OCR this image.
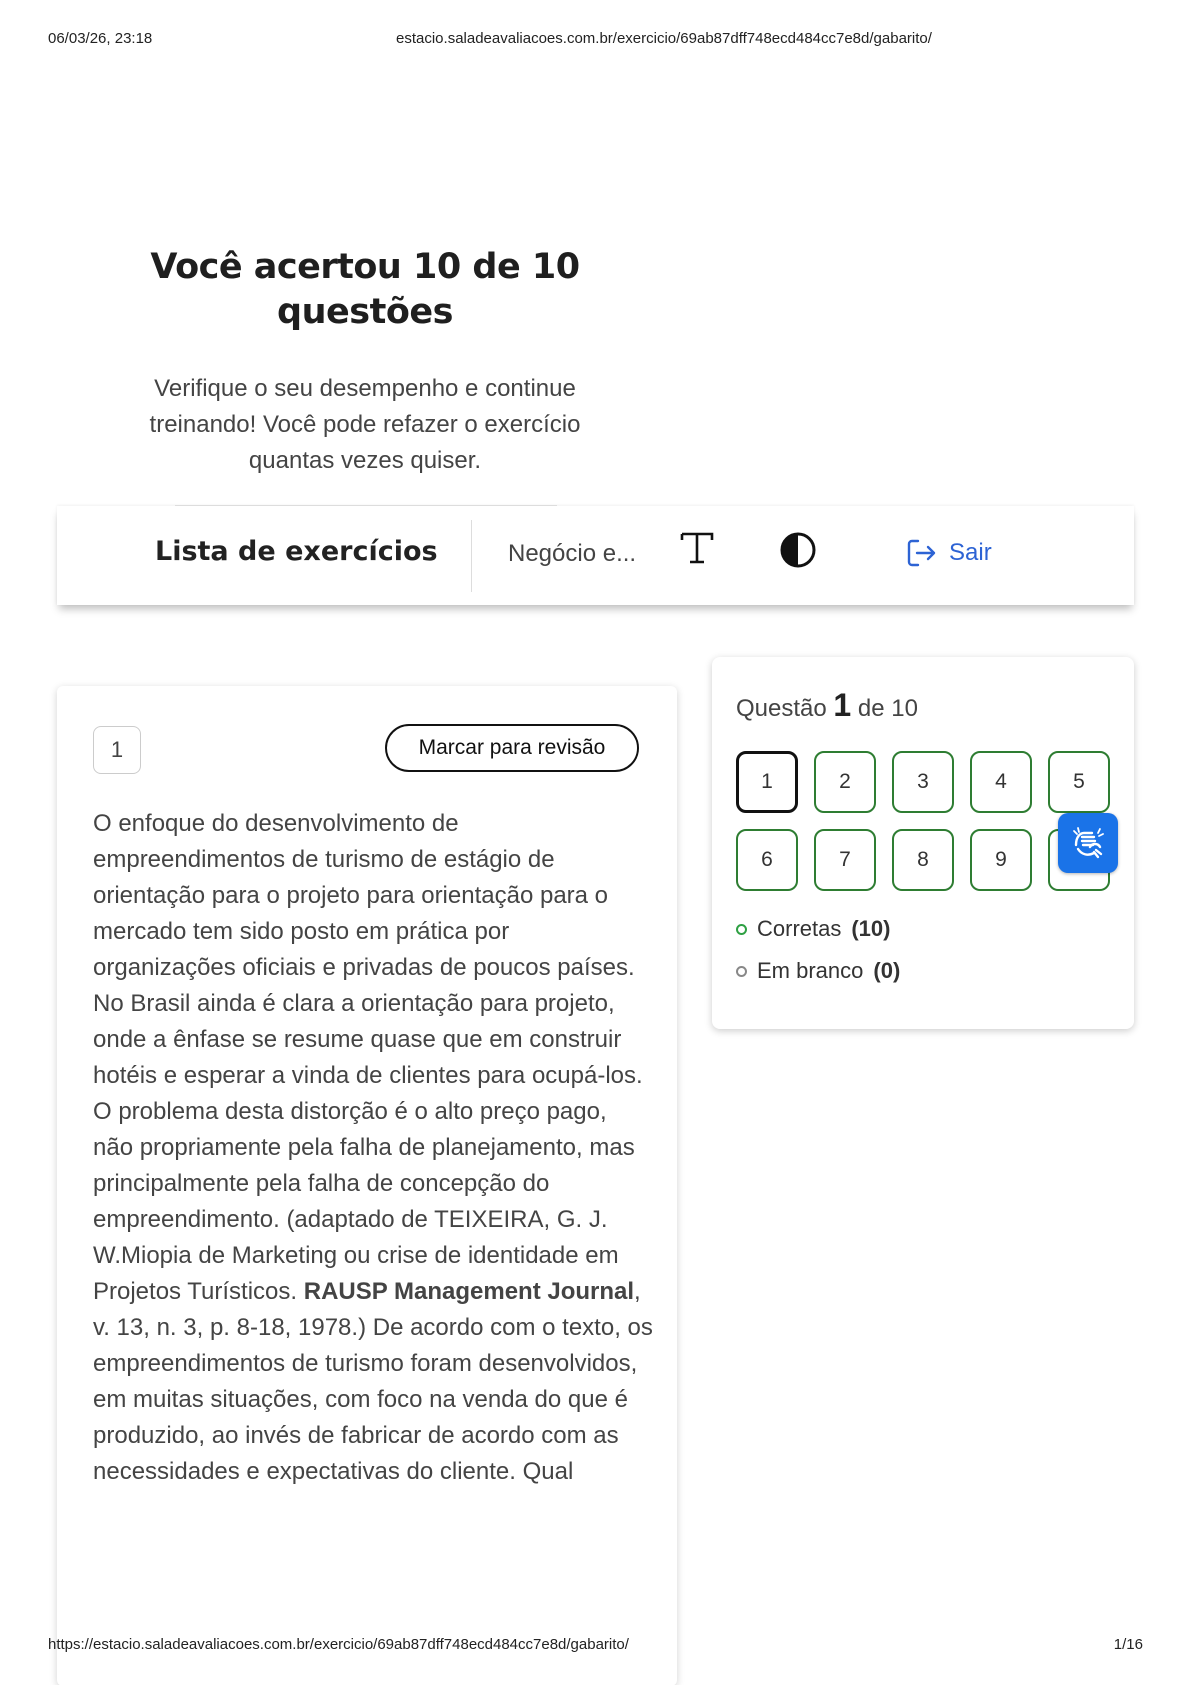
06/03/26, 23:18	estacio.saladeavaliacoes.com.br/exercicio/69ab87dff748ecd484cc7e8d/gabarito/
Você acertou 10 de 10 questões

Verifique o seu desempenho e continue treinando! Você pode refazer o exercício quantas vezes quiser.

Lista de exercícios	Negócio e...	Sair
1	Marcar para revisão
O enfoque do desenvolvimento de empreendimentos de turismo de estágio de orientação para o projeto para orientação para o mercado tem sido posto em prática por organizações oficiais e privadas de poucos países. No Brasil ainda é clara a orientação para projeto, onde a ênfase se resume quase que em construir hotéis e esperar a vinda de clientes para ocupá-los. O problema desta distorção é o alto preço pago, não propriamente pela falha de planejamento, mas principalmente pela falha de concepção do empreendimento. (adaptado de TEIXEIRA, G. J. W.Miopia de Marketing ou crise de identidade em Projetos Turísticos. RAUSP Management Journal, v. 13, n. 3, p. 8-18, 1978.) De acordo com o texto, os empreendimentos de turismo foram desenvolvidos, em muitas situações, com foco na venda do que é produzido, ao invés de fabricar de acordo com as necessidades e expectativas do cliente. Qual
Questão 1 de 10
1	2	3	4	5
6	7	8	9
Corretas (10)
Em branco (0)
https://estacio.saladeavaliacoes.com.br/exercicio/69ab87dff748ecd484cc7e8d/gabarito/	1/16
